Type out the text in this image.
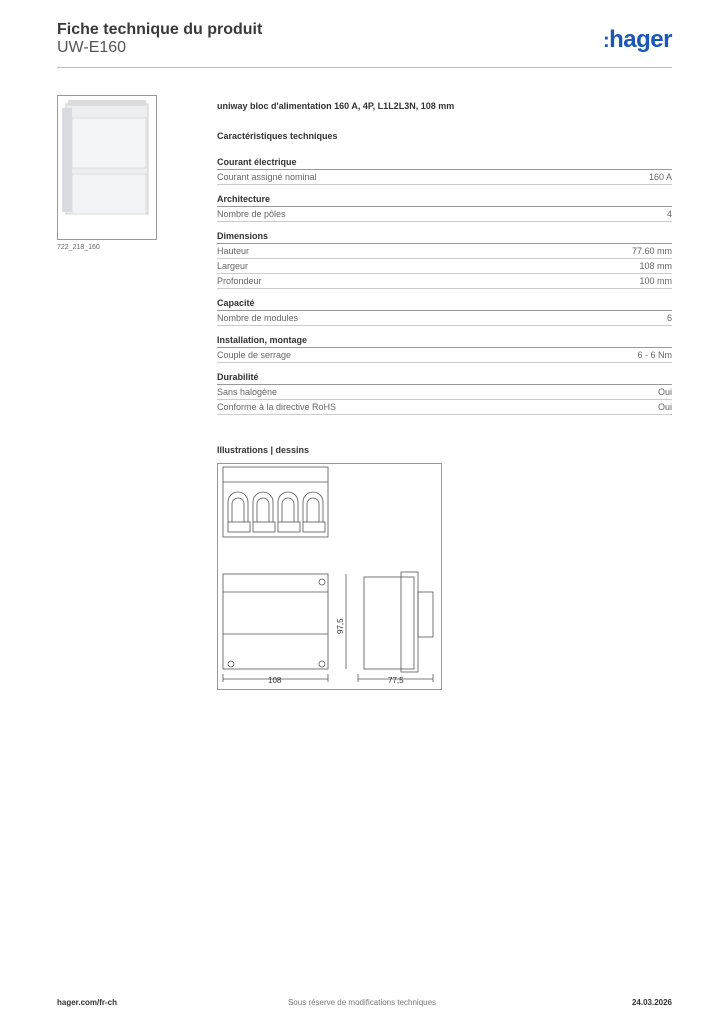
Fiche technique du produit
UW-E160	:hager
722_218_160
uniway bloc d'alimentation 160 A, 4P, L1L2L3N, 108 mm
Caractéristiques techniques
Courant électrique
Courant assigné nominal	160 A
Architecture
Nombre de pôles	4
Dimensions
Hauteur	77.60 mm
Largeur	108 mm
Profondeur	100 mm
Capacité
Nombre de modules	6
Installation, montage
Couple de serrage	6 - 6 Nm
Durabilité
Sans halogène	Oui
Conforme à la directive RoHS	Oui
Illustrations | dessins
108	77,5
97,5
hager.com/fr-ch	Sous réserve de modifications techniques	24.03.2026
